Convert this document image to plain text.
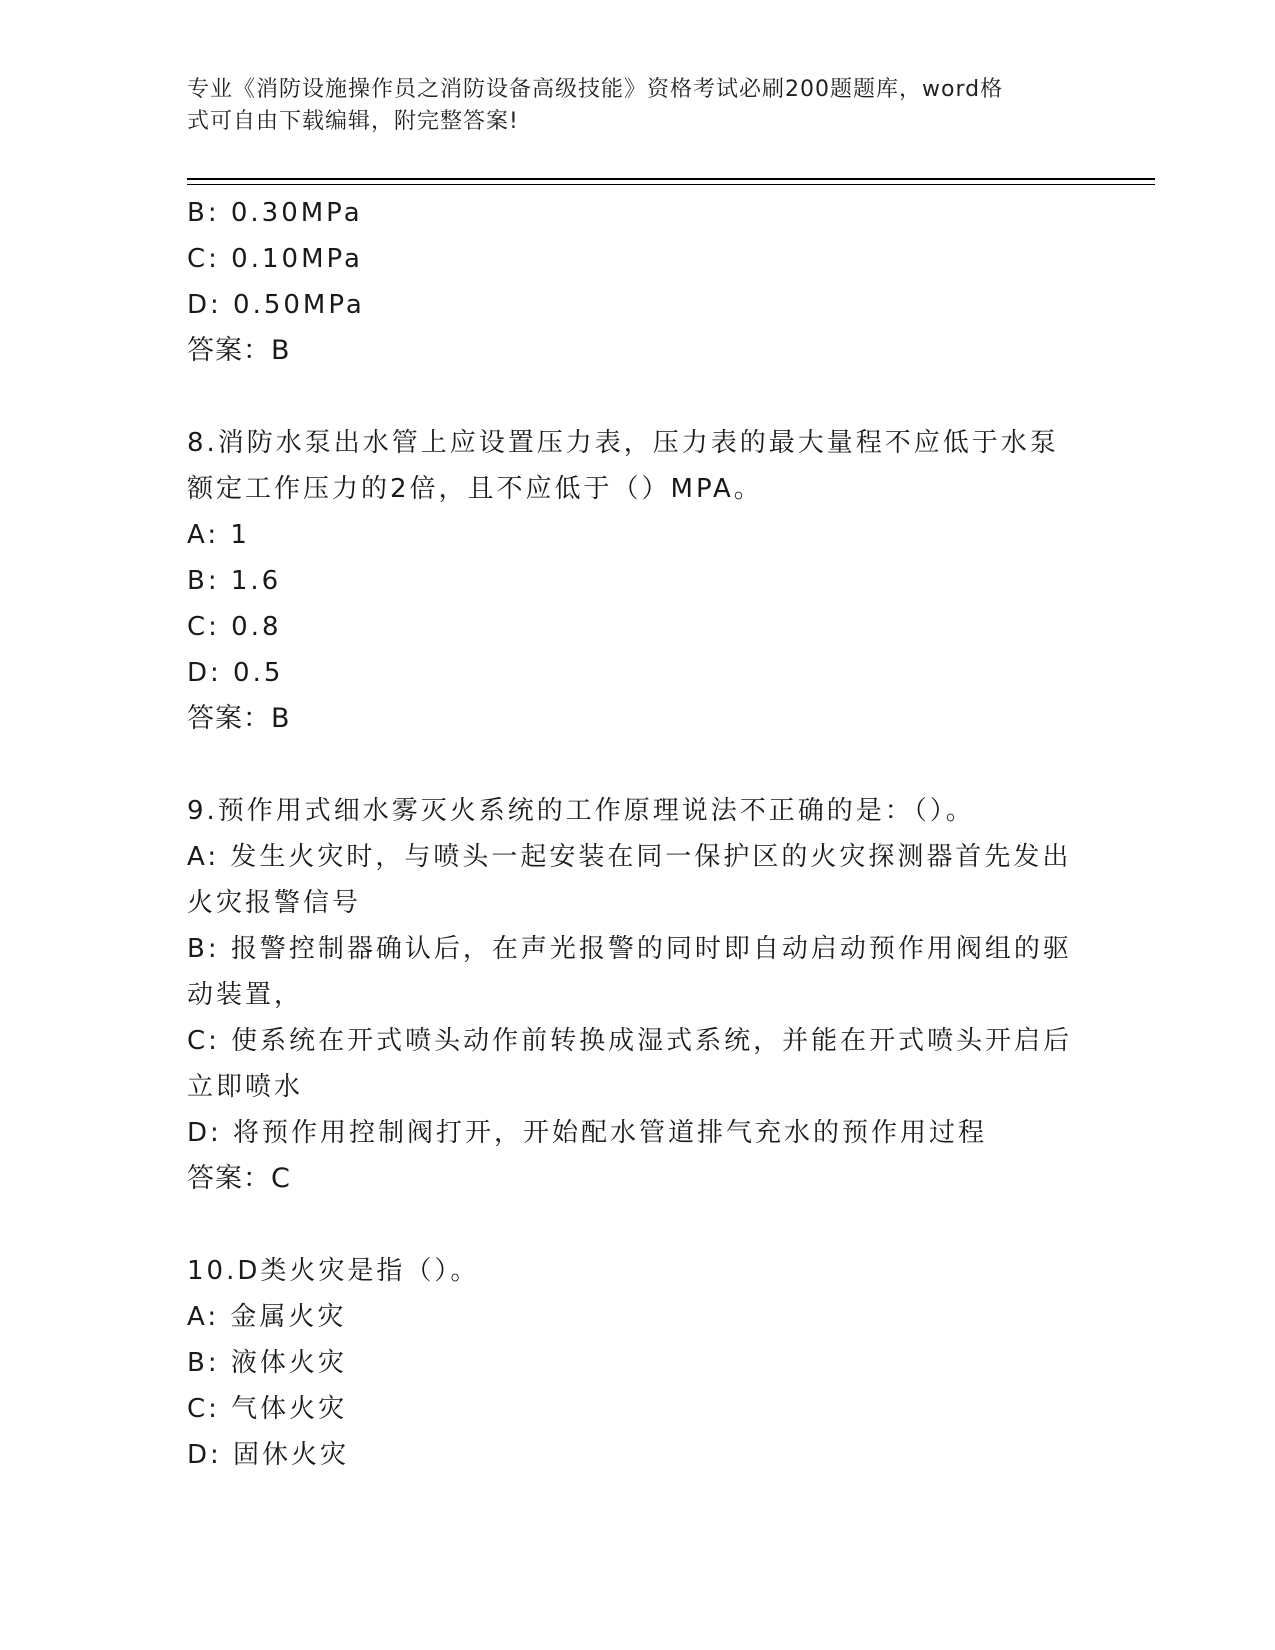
专业《消防设施操作员之消防设备高级技能》资格考试必刷200题题库，word格
式可自由下载编辑，附完整答案!

B: 0.30MPa

C: 0.10MPa

D: 0.50MPa

答案：B

8.消防水泵出水管上应设置压力表，压力表的最大量程不应低于水泵

额定工作压力的2倍，且不应低于（）MPA。

A: 1

B: 1.6

C: 0.8

D: 0.5

答案：B

9.预作用式细水雾灭火系统的工作原理说法不正确的是：（）。

A: 发生火灾时，与喷头一起安装在同一保护区的火灾探测器首先发出

火灾报警信号

B: 报警控制器确认后，在声光报警的同时即自动启动预作用阀组的驱

动装置，

C: 使系统在开式喷头动作前转换成湿式系统，并能在开式喷头开启后

立即喷水

D: 将预作用控制阀打开，开始配水管道排气充水的预作用过程

答案：C

10.D类火灾是指（）。

A: 金属火灾

B: 液体火灾

C: 气体火灾

D: 固休火灾
